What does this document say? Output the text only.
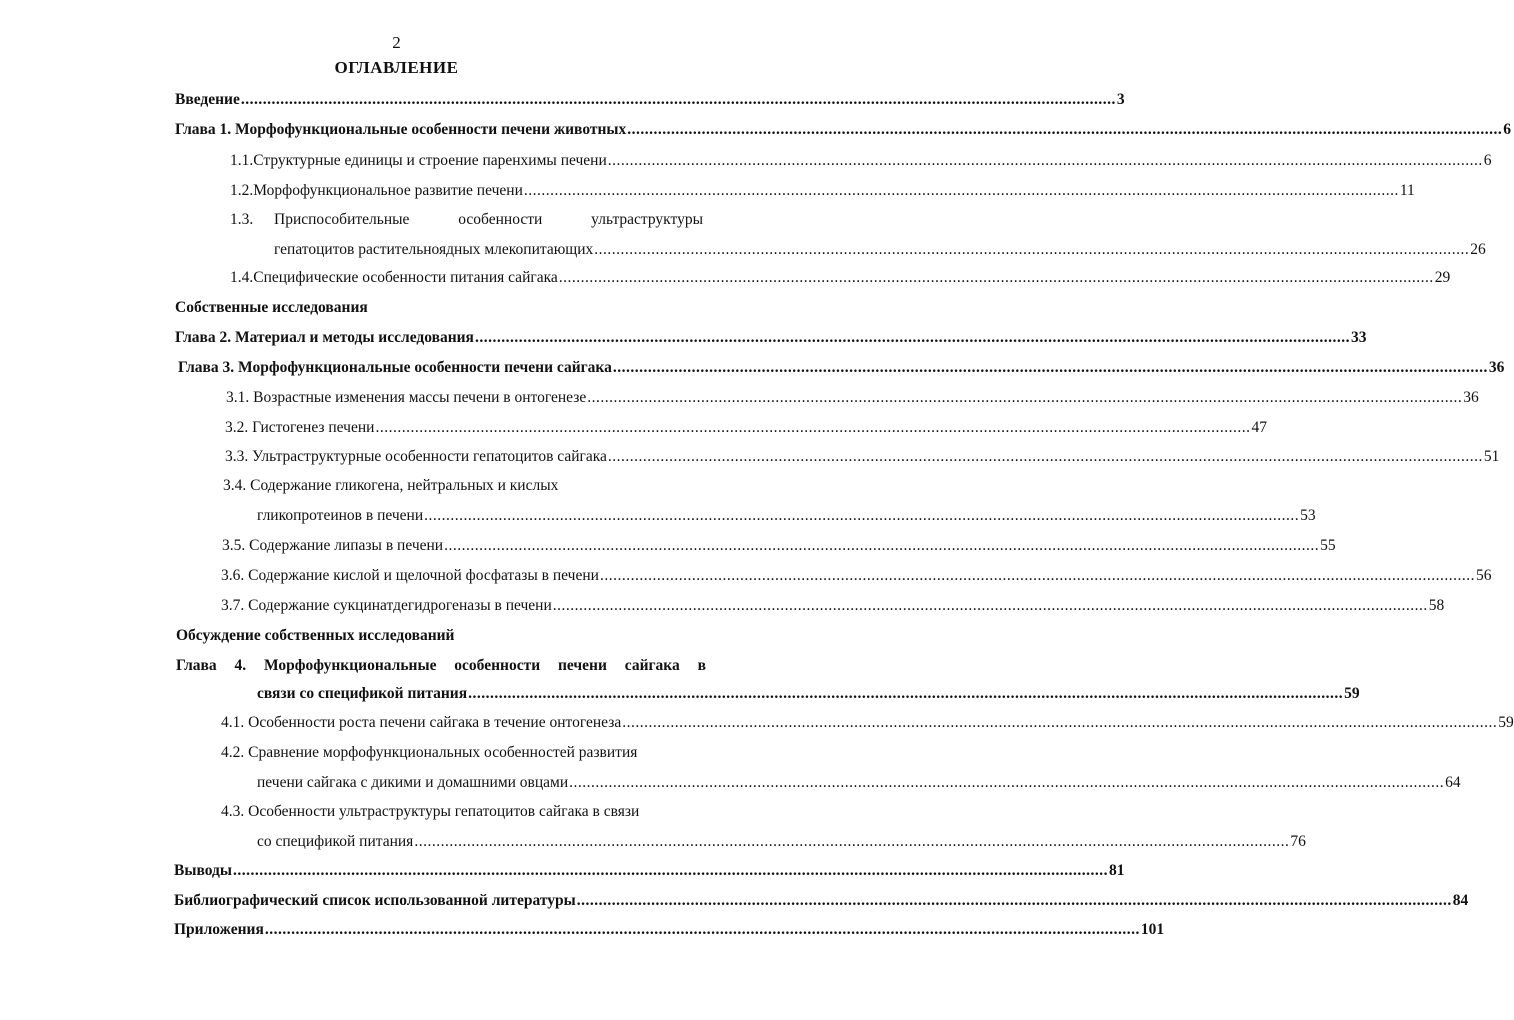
2
ОГЛАВЛЕНИЕ
Введение ........................................................................................................................................................................................................ 3
Глава 1. Морфофункциональные особенности печени животных ........................................................................................................................................................................................................ 6
1.1. Структурные единицы и строение паренхимы печени ........................................................................................................................................................................................................ 6
1.2. Морфофункциональное развитие печени ........................................................................................................................................................................................................ 11
1.3.	Приспособительные	особенности	ультраструктуры
гепатоцитов растительноядных млекопитающих ........................................................................................................................................................................................................ 26
1.4. Специфические особенности питания сайгака ........................................................................................................................................................................................................ 29
Собственные исследования
Глава 2. Материал и методы исследования ........................................................................................................................................................................................................ 33
Глава 3. Морфофункциональные особенности печени сайгака ........................................................................................................................................................................................................ 36
3.1. Возрастные изменения массы печени в онтогенезе ........................................................................................................................................................................................................ 36
3.2. Гистогенез печени ........................................................................................................................................................................................................ 47
3.3. Ультраструктурные особенности гепатоцитов сайгака ........................................................................................................................................................................................................ 51
3.4. Содержание гликогена, нейтральных и кислых
гликопротеинов в печени ........................................................................................................................................................................................................ 53
3.5. Содержание липазы в печени ........................................................................................................................................................................................................ 55
3.6. Содержание кислой и щелочной фосфатазы в печени ........................................................................................................................................................................................................ 56
3.7. Содержание сукцинатдегидрогеназы в печени ........................................................................................................................................................................................................ 58
Обсуждение собственных исследований
Глава 4. Морфофункциональные особенности печени сайгака в
связи со спецификой питания ........................................................................................................................................................................................................ 59
4.1. Особенности роста печени сайгака в течение онтогенеза ........................................................................................................................................................................................................ 59
4.2. Сравнение морфофункциональных особенностей развития
печени сайгака с дикими и домашними овцами ........................................................................................................................................................................................................ 64
4.3. Особенности ультраструктуры гепатоцитов сайгака в связи
со спецификой питания ........................................................................................................................................................................................................ 76
Выводы ........................................................................................................................................................................................................ 81
Библиографический список использованной литературы ........................................................................................................................................................................................................ 84
Приложения ........................................................................................................................................................................................................ 101
